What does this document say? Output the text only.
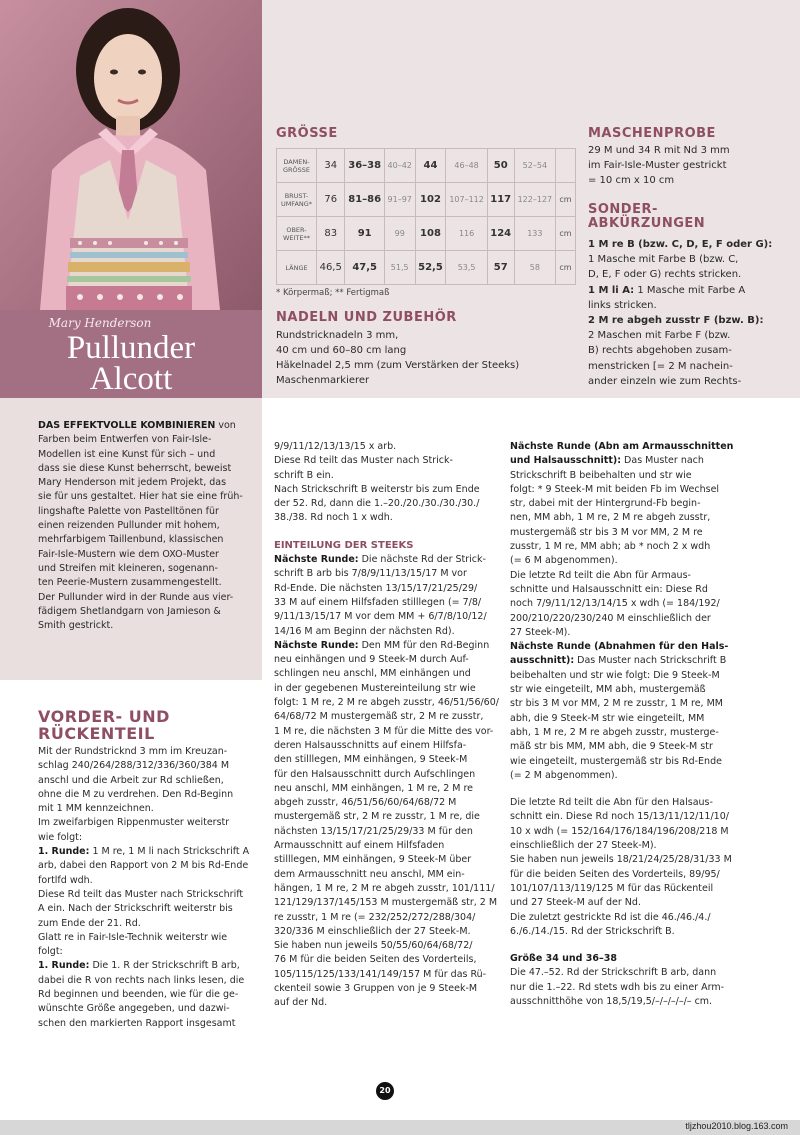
Mary Henderson
Pullunder
Alcott
GRÖSSE
DAMEN-GRÖSSE	34	36–38	40–42	44	46–48	50	52–54	
BRUST-UMFANG*	76	81–86	91–97	102	107–112	117	122–127	cm
OBER-WEITE**	83	91	99	108	116	124	133	cm
LÄNGE	46,5	47,5	51,5	52,5	53,5	57	58	cm
* Körpermaß; ** Fertigmaß
NADELN UND ZUBEHÖR
Rundstricknadeln 3 mm,
40 cm und 60–80 cm lang
Häkelnadel 2,5 mm (zum Verstärken der Steeks)
Maschenmarkierer
MASCHENPROBE
29 M und 34 R mit Nd 3 mm
im Fair-Isle-Muster gestrickt
= 10 cm x 10 cm
SONDER-
ABKÜRZUNGEN
1 M re B (bzw. C, D, E, F oder G):
1 Masche mit Farbe B (bzw. C,
D, E, F oder G) rechts stricken.
1 M li A: 1 Masche mit Farbe A
links stricken.
2 M re abgeh zusstr F (bzw. B):
2 Maschen mit Farbe F (bzw.
B) rechts abgehoben zusam-
menstricken [= 2 M nachein-
ander einzeln wie zum Rechts-
DAS EFFEKTVOLLE KOMBINIEREN von
Farben beim Entwerfen von Fair-Isle-
Modellen ist eine Kunst für sich – und
dass sie diese Kunst beherrscht, beweist
Mary Henderson mit jedem Projekt, das
sie für uns gestaltet. Hier hat sie eine früh-
lingshafte Palette von Pastelltönen für
einen reizenden Pullunder mit hohem,
mehrfarbigem Taillenbund, klassischen
Fair-Isle-Mustern wie dem OXO-Muster
und Streifen mit kleineren, sogenann-
ten Peerie-Mustern zusammengestellt.
Der Pullunder wird in der Runde aus vier-
fädigem Shetlandgarn von Jamieson &
Smith gestrickt.
VORDER- UND
RÜCKENTEIL
Mit der Rundstricknd 3 mm im Kreuzan-
schlag 240/264/288/312/336/360/384 M
anschl und die Arbeit zur Rd schließen,
ohne die M zu verdrehen. Den Rd-Beginn
mit 1 MM kennzeichnen.
Im zweifarbigen Rippenmuster weiterstr
wie folgt:
1. Runde: 1 M re, 1 M li nach Strickschrift A
arb, dabei den Rapport von 2 M bis Rd-Ende
fortlfd wdh.
Diese Rd teilt das Muster nach Strickschrift
A ein. Nach der Strickschrift weiterstr bis
zum Ende der 21. Rd.
Glatt re in Fair-Isle-Technik weiterstr wie
folgt:
1. Runde: Die 1. R der Strickschrift B arb,
dabei die R von rechts nach links lesen, die
Rd beginnen und beenden, wie für die ge-
wünschte Größe angegeben, und dazwi-
schen den markierten Rapport insgesamt
9/9/11/12/13/13/15 x arb.
Diese Rd teilt das Muster nach Strick-
schrift B ein.
Nach Strickschrift B weiterstr bis zum Ende
der 52. Rd, dann die 1.–20./20./30./30./30./
38./38. Rd noch 1 x wdh.
EINTEILUNG DER STEEKS
Nächste Runde: Die nächste Rd der Strick-
schrift B arb bis 7/8/9/11/13/15/17 M vor
Rd-Ende. Die nächsten 13/15/17/21/25/29/
33 M auf einem Hilfsfaden stilllegen (= 7/8/
9/11/13/15/17 M vor dem MM + 6/7/8/10/12/
14/16 M am Beginn der nächsten Rd).
Nächste Runde: Den MM für den Rd-Beginn
neu einhängen und 9 Steek-M durch Auf-
schlingen neu anschl, MM einhängen und
in der gegebenen Mustereinteilung str wie
folgt: 1 M re, 2 M re abgeh zusstr, 46/51/56/60/
64/68/72 M mustergemäß str, 2 M re zusstr,
1 M re, die nächsten 3 M für die Mitte des vor-
deren Halsausschnitts auf einem Hilfsfa-
den stilllegen, MM einhängen, 9 Steek-M
für den Halsausschnitt durch Aufschlingen
neu anschl, MM einhängen, 1 M re, 2 M re
abgeh zusstr, 46/51/56/60/64/68/72 M
mustergemäß str, 2 M re zusstr, 1 M re, die
nächsten 13/15/17/21/25/29/33 M für den
Armausschnitt auf einem Hilfsfaden
stilllegen, MM einhängen, 9 Steek-M über
dem Armausschnitt neu anschl, MM ein-
hängen, 1 M re, 2 M re abgeh zusstr, 101/111/
121/129/137/145/153 M mustergemäß str, 2 M
re zusstr, 1 M re (= 232/252/272/288/304/
320/336 M einschließlich der 27 Steek-M.
Sie haben nun jeweils 50/55/60/64/68/72/
76 M für die beiden Seiten des Vorderteils,
105/115/125/133/141/149/157 M für das Rü-
ckenteil sowie 3 Gruppen von je 9 Steek-M
auf der Nd.
Nächste Runde (Abn am Armausschnitten
und Halsausschnitt): Das Muster nach
Strickschrift B beibehalten und str wie
folgt: * 9 Steek-M mit beiden Fb im Wechsel
str, dabei mit der Hintergrund-Fb begin-
nen, MM abh, 1 M re, 2 M re abgeh zusstr,
mustergemäß str bis 3 M vor MM, 2 M re
zusstr, 1 M re, MM abh; ab * noch 2 x wdh
(= 6 M abgenommen).
Die letzte Rd teilt die Abn für Armaus-
schnitte und Halsausschnitt ein: Diese Rd
noch 7/9/11/12/13/14/15 x wdh (= 184/192/
200/210/220/230/240 M einschließlich der
27 Steek-M).
Nächste Runde (Abnahmen für den Hals-
ausschnitt): Das Muster nach Strickschrift B
beibehalten und str wie folgt: Die 9 Steek-M
str wie eingeteilt, MM abh, mustergemäß
str bis 3 M vor MM, 2 M re zusstr, 1 M re, MM
abh, die 9 Steek-M str wie eingeteilt, MM
abh, 1 M re, 2 M re abgeh zusstr, musterge-
mäß str bis MM, MM abh, die 9 Steek-M str
wie eingeteilt, mustergemäß str bis Rd-Ende
(= 2 M abgenommen).
Die letzte Rd teilt die Abn für den Halsaus-
schnitt ein. Diese Rd noch 15/13/11/12/11/10/
10 x wdh (= 152/164/176/184/196/208/218 M
einschließlich der 27 Steek-M).
Sie haben nun jeweils 18/21/24/25/28/31/33 M
für die beiden Seiten des Vorderteils, 89/95/
101/107/113/119/125 M für das Rückenteil
und 27 Steek-M auf der Nd.
Die zuletzt gestrickte Rd ist die 46./46./4./
6./6./14./15. Rd der Strickschrift B.
Größe 34 und 36–38
Die 47.–52. Rd der Strickschrift B arb, dann
nur die 1.–22. Rd stets wdh bis zu einer Arm-
ausschnitthöhe von 18,5/19,5/–/–/–/–/– cm.
20
tljzhou2010.blog.163.com
